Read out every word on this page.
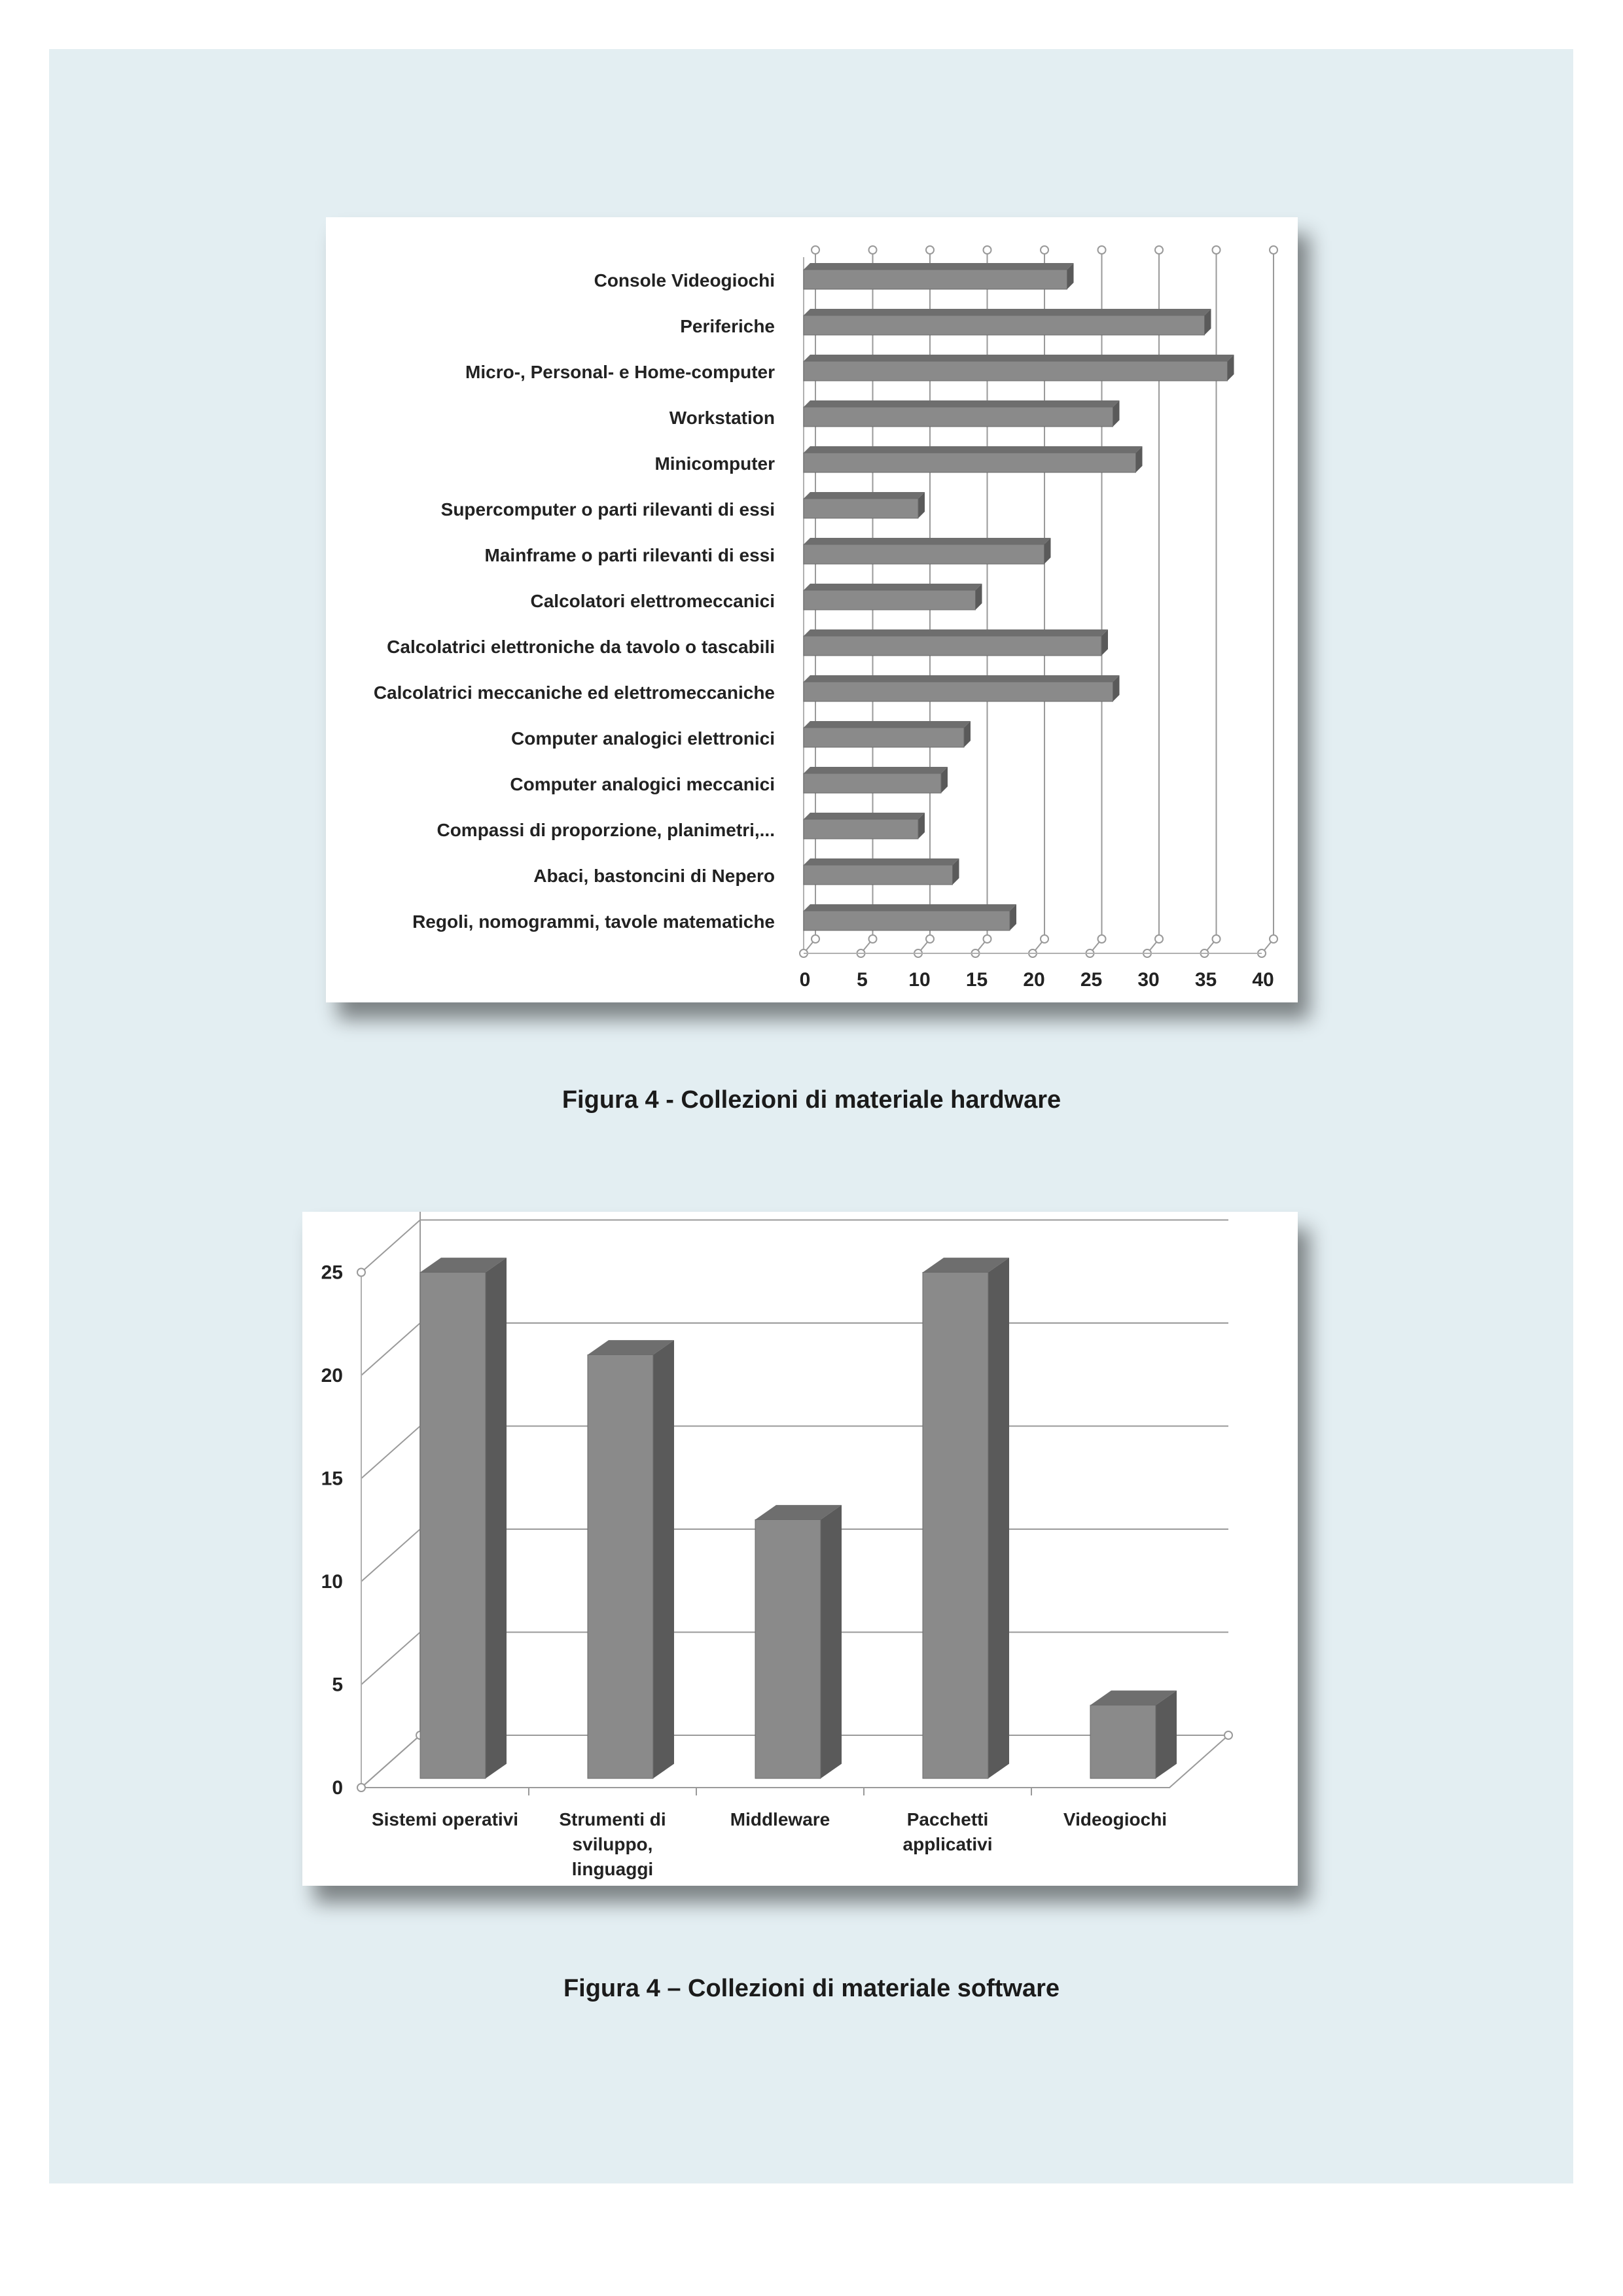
Console Videogiochi
Periferiche
Micro-, Personal- e Home-computer
Workstation
Minicomputer
Supercomputer o parti rilevanti di essi
Mainframe o parti rilevanti di essi
Calcolatori elettromeccanici
Calcolatrici elettroniche da tavolo o tascabili
Calcolatrici meccaniche ed elettromeccaniche
Computer analogici elettronici
Computer analogici meccanici
Compassi di proporzione, planimetri,...
Abaci, bastoncini di Nepero
Regoli, nomogrammi, tavole matematiche
0 5 10 15 20 25 30 35 40
Figura 4 - Collezioni di materiale hardware
Sistemi operativi Strumenti di
sviluppo,
linguaggi
Middleware	Pacchetti
applicativi
Videogiochi
0
5
10
15
20
25
Figura 4 – Collezioni di materiale software
